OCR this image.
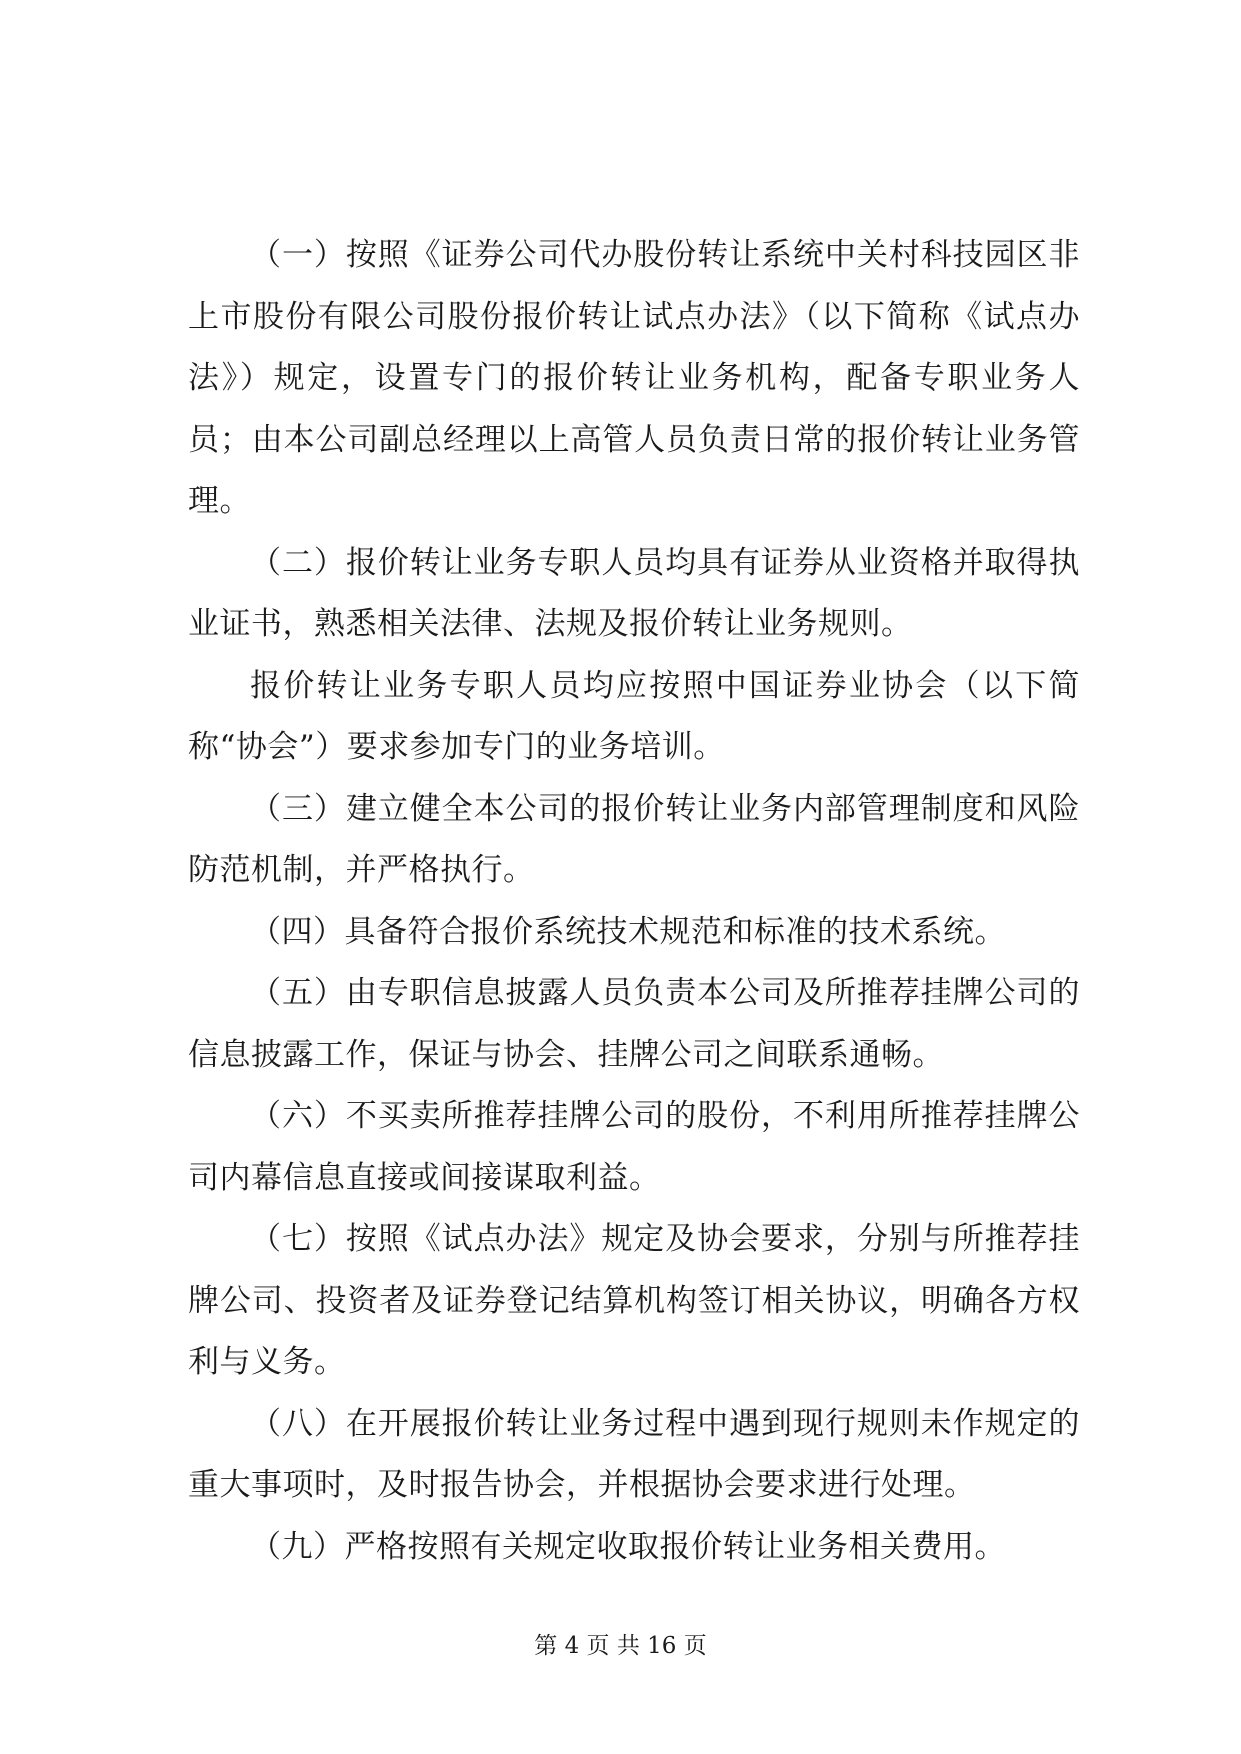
（一）按照《证券公司代办股份转让系统中关村科技园区非上市股份有限公司股份报价转让试点办法》（以下简称《试点办法》）规定，设置专门的报价转让业务机构，配备专职业务人员；由本公司副总经理以上高管人员负责日常的报价转让业务管理。

（二）报价转让业务专职人员均具有证券从业资格并取得执业证书，熟悉相关法律、法规及报价转让业务规则。

报价转让业务专职人员均应按照中国证券业协会（以下简称“协会”）要求参加专门的业务培训。

（三）建立健全本公司的报价转让业务内部管理制度和风险防范机制，并严格执行。

（四）具备符合报价系统技术规范和标准的技术系统。

（五）由专职信息披露人员负责本公司及所推荐挂牌公司的信息披露工作，保证与协会、挂牌公司之间联系通畅。

（六）不买卖所推荐挂牌公司的股份，不利用所推荐挂牌公司内幕信息直接或间接谋取利益。

（七）按照《试点办法》规定及协会要求，分别与所推荐挂牌公司、投资者及证券登记结算机构签订相关协议，明确各方权利与义务。

（八）在开展报价转让业务过程中遇到现行规则未作规定的重大事项时，及时报告协会，并根据协会要求进行处理。

（九）严格按照有关规定收取报价转让业务相关费用。

第 4 页 共 16 页
